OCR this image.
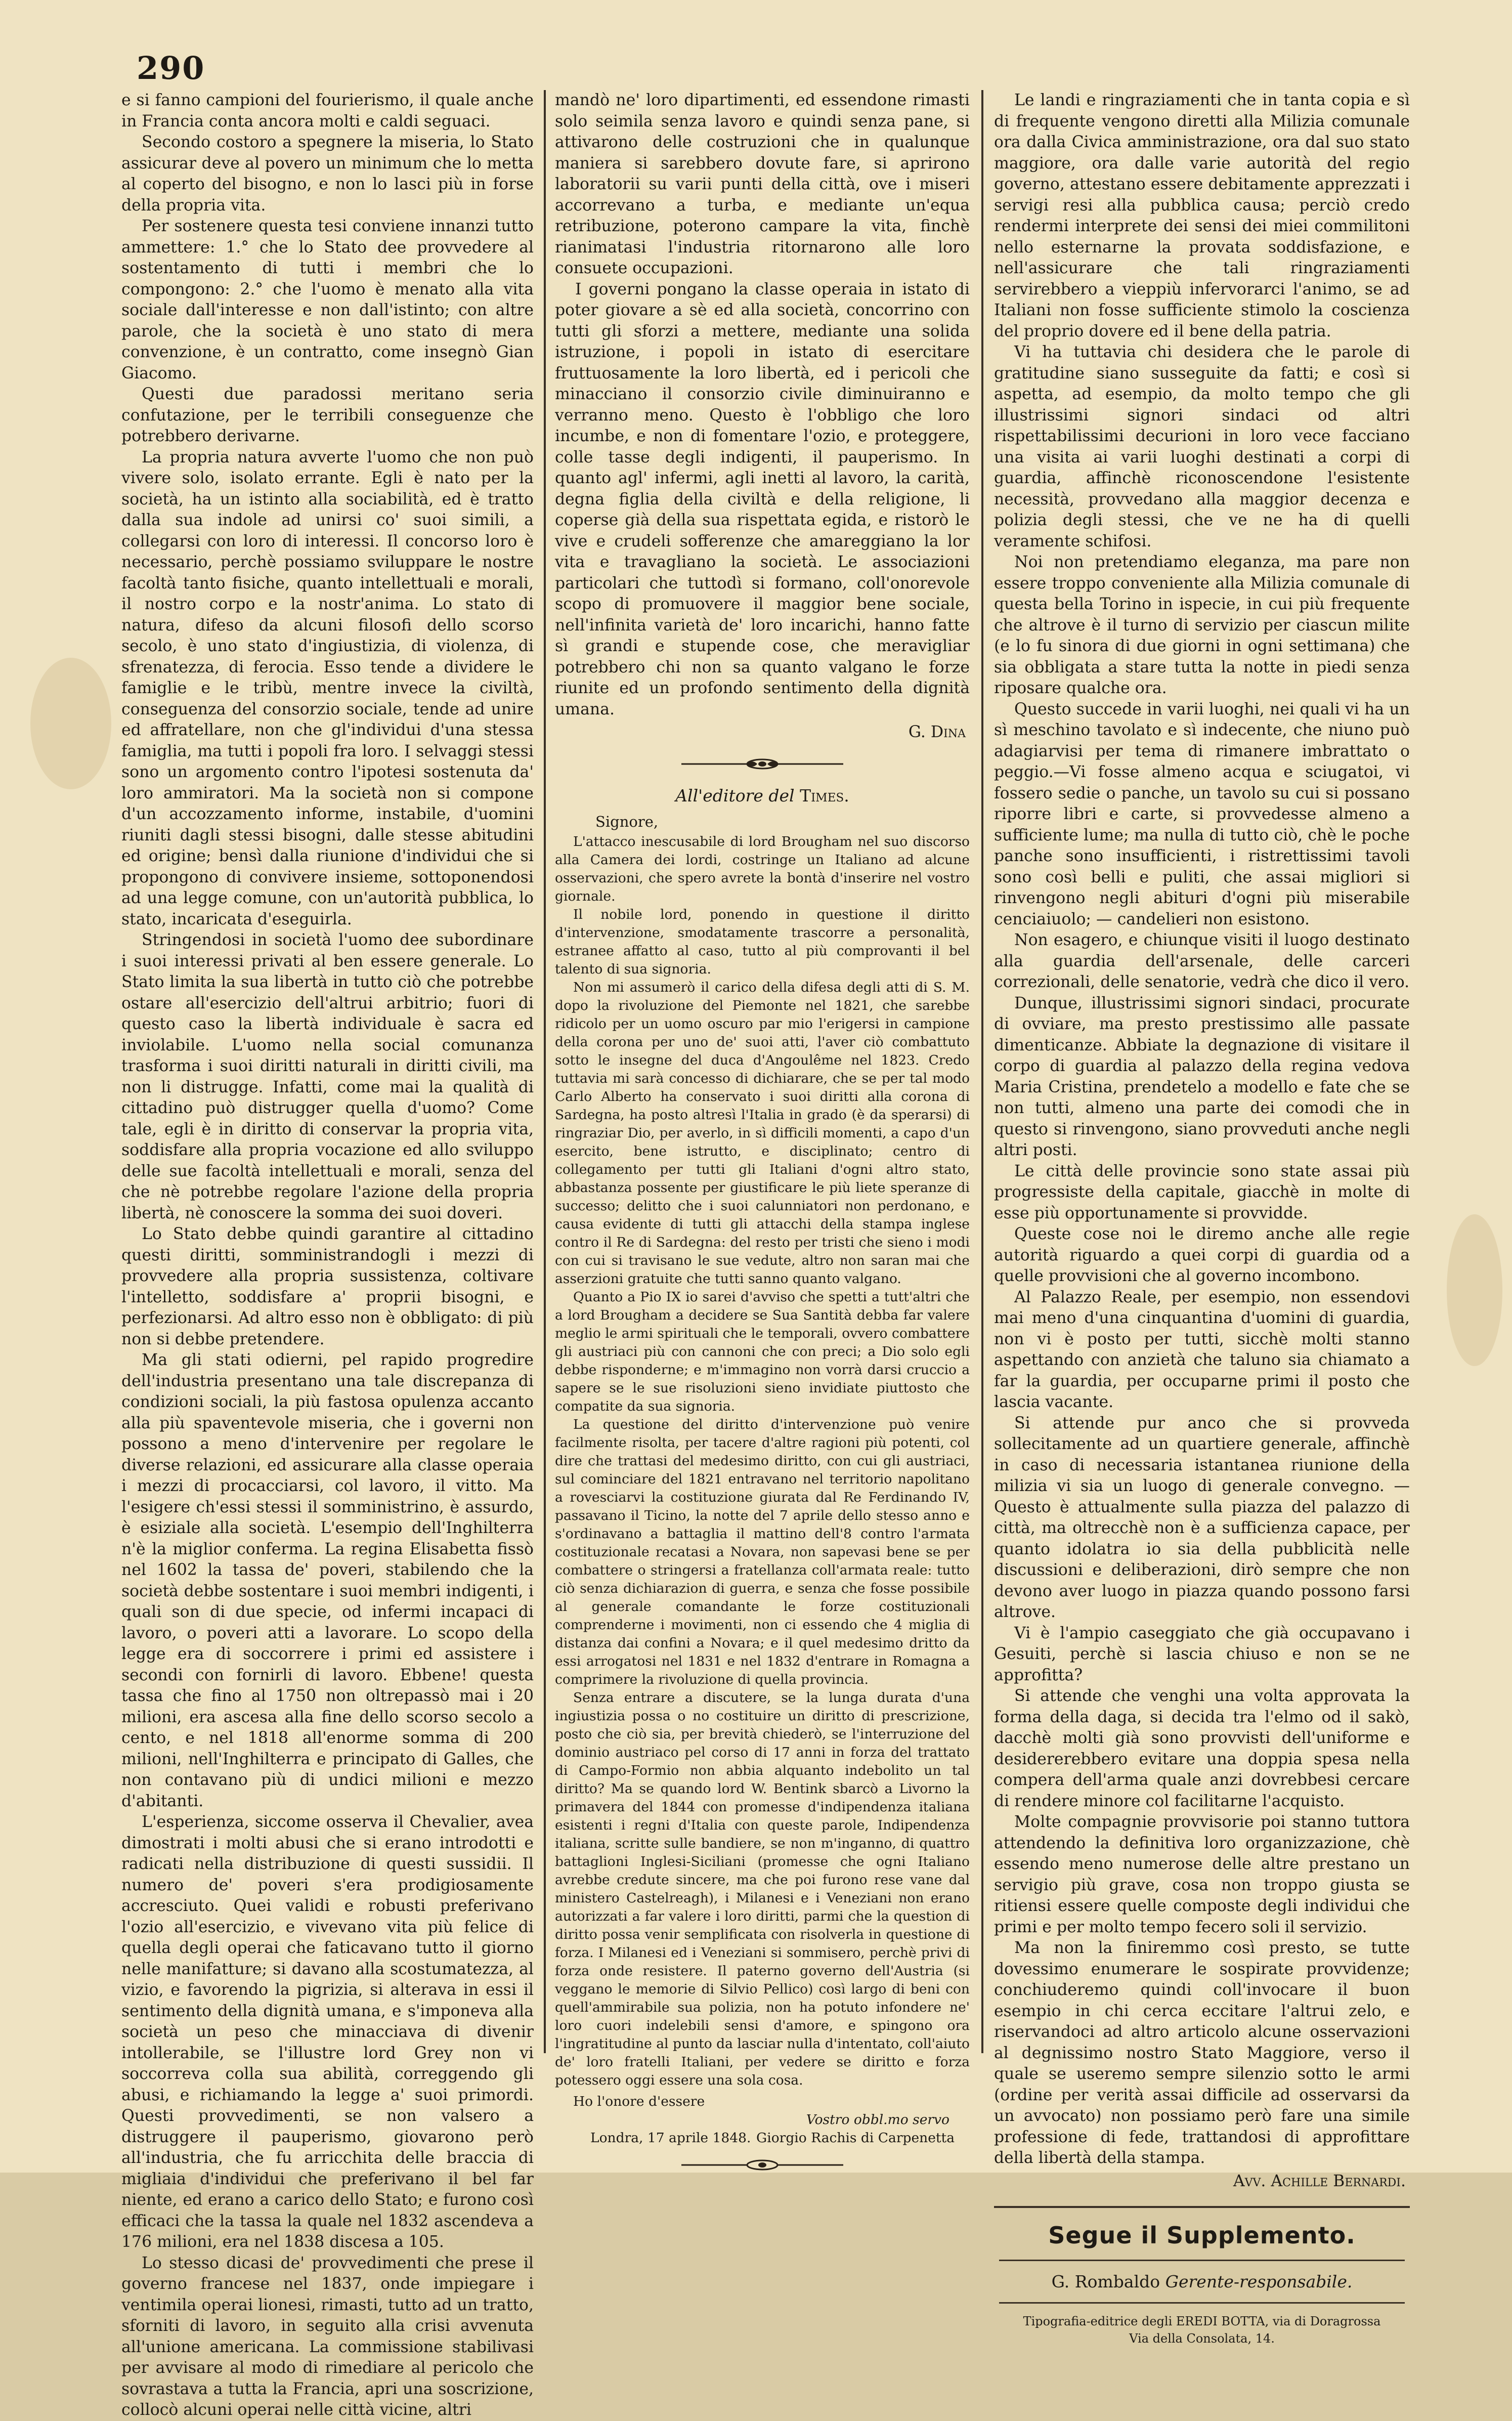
290

e si fanno campioni del fourierismo, il quale anche in Francia conta ancora molti e caldi seguaci.

Secondo costoro a spegnere la miseria, lo Stato assicurar deve al povero un minimum che lo metta al coperto del bisogno, e non lo lasci più in forse della propria vita.

Per sostenere questa tesi conviene innanzi tutto ammettere: 1.° che lo Stato dee provvedere al sostentamento di tutti i membri che lo compongono: 2.° che l'uomo è menato alla vita sociale dall'interesse e non dall'istinto; con altre parole, che la società è uno stato di mera convenzione, è un contratto, come insegnò Gian Giacomo.

Questi due paradossi meritano seria confutazione, per le terribili conseguenze che potrebbero derivarne.

La propria natura avverte l'uomo che non può vivere solo, isolato errante. Egli è nato per la società, ha un istinto alla sociabilità, ed è tratto dalla sua indole ad unirsi co' suoi simili, a collegarsi con loro di interessi. Il concorso loro è necessario, perchè possiamo sviluppare le nostre facoltà tanto fisiche, quanto intellettuali e morali, il nostro corpo e la nostr'anima. Lo stato di natura, difeso da alcuni filosofi dello scorso secolo, è uno stato d'ingiustizia, di violenza, di sfrenatezza, di ferocia. Esso tende a dividere le famiglie e le tribù, mentre invece la civiltà, conseguenza del consorzio sociale, tende ad unire ed affratellare, non che gl'individui d'una stessa famiglia, ma tutti i popoli fra loro. I selvaggi stessi sono un argomento contro l'ipotesi sostenuta da' loro ammiratori. Ma la società non si compone d'un accozzamento informe, instabile, d'uomini riuniti dagli stessi bisogni, dalle stesse abitudini ed origine; bensì dalla riunione d'individui che si propongono di convivere insieme, sottoponendosi ad una legge comune, con un'autorità pubblica, lo stato, incaricata d'eseguirla.

Stringendosi in società l'uomo dee subordinare i suoi interessi privati al ben essere generale. Lo Stato limita la sua libertà in tutto ciò che potrebbe ostare all'esercizio dell'altrui arbitrio; fuori di questo caso la libertà individuale è sacra ed inviolabile. L'uomo nella social comunanza trasforma i suoi diritti naturali in diritti civili, ma non li distrugge. Infatti, come mai la qualità di cittadino può distrugger quella d'uomo? Come tale, egli è in diritto di conservar la propria vita, soddisfare alla propria vocazione ed allo sviluppo delle sue facoltà intellettuali e morali, senza del che nè potrebbe regolare l'azione della propria libertà, nè conoscere la somma dei suoi doveri.

Lo Stato debbe quindi garantire al cittadino questi diritti, somministrandogli i mezzi di provvedere alla propria sussistenza, coltivare l'intelletto, soddisfare a' proprii bisogni, e perfezionarsi. Ad altro esso non è obbligato: di più non si debbe pretendere.

Ma gli stati odierni, pel rapido progredire dell'industria presentano una tale discrepanza di condizioni sociali, la più fastosa opulenza accanto alla più spaventevole miseria, che i governi non possono a meno d'intervenire per regolare le diverse relazioni, ed assicurare alla classe operaia i mezzi di procacciarsi, col lavoro, il vitto. Ma l'esigere ch'essi stessi il somministrino, è assurdo, è esiziale alla società. L'esempio dell'Inghilterra n'è la miglior conferma. La regina Elisabetta fissò nel 1602 la tassa de' poveri, stabilendo che la società debbe sostentare i suoi membri indigenti, i quali son di due specie, od infermi incapaci di lavoro, o poveri atti a lavorare. Lo scopo della legge era di soccorrere i primi ed assistere i secondi con fornirli di lavoro. Ebbene! questa tassa che fino al 1750 non oltrepassò mai i 20 milioni, era ascesa alla fine dello scorso secolo a cento, e nel 1818 all'enorme somma di 200 milioni, nell'Inghilterra e principato di Galles, che non contavano più di undici milioni e mezzo d'abitanti.

L'esperienza, siccome osserva il Chevalier, avea dimostrati i molti abusi che si erano introdotti e radicati nella distribuzione di questi sussidii. Il numero de' poveri s'era prodigiosamente accresciuto. Quei validi e robusti preferivano l'ozio all'esercizio, e vivevano vita più felice di quella degli operai che faticavano tutto il giorno nelle manifatture; si davano alla scostumatezza, al vizio, e favorendo la pigrizia, si alterava in essi il sentimento della dignità umana, e s'imponeva alla società un peso che minacciava di divenir intollerabile, se l'illustre lord Grey non vi soccorreva colla sua abilità, correggendo gli abusi, e richiamando la legge a' suoi primordi. Questi provvedimenti, se non valsero a distruggere il pauperismo, giovarono però all'industria, che fu arricchita delle braccia di migliaia d'individui che preferivano il bel far niente, ed erano a carico dello Stato; e furono così efficaci che la tassa la quale nel 1832 ascendeva a 176 milioni, era nel 1838 discesa a 105.

Lo stesso dicasi de' provvedimenti che prese il governo francese nel 1837, onde impiegare i ventimila operai lionesi, rimasti, tutto ad un tratto, sforniti di lavoro, in seguito alla crisi avvenuta all'unione americana. La commissione stabilivasi per avvisare al modo di rimediare al pericolo che sovrastava a tutta la Francia, apri una soscrizione, collocò alcuni operai nelle città vicine, altri

mandò ne' loro dipartimenti, ed essendone rimasti solo seimila senza lavoro e quindi senza pane, si attivarono delle costruzioni che in qualunque maniera si sarebbero dovute fare, si aprirono laboratorii su varii punti della città, ove i miseri accorrevano a turba, e mediante un'equa retribuzione, poterono campare la vita, finchè rianimatasi l'industria ritornarono alle loro consuete occupazioni.

I governi pongano la classe operaia in istato di poter giovare a sè ed alla società, concorrino con tutti gli sforzi a mettere, mediante una solida istruzione, i popoli in istato di esercitare fruttuosamente la loro libertà, ed i pericoli che minacciano il consorzio civile diminuiranno e verranno meno. Questo è l'obbligo che loro incumbe, e non di fomentare l'ozio, e proteggere, colle tasse degli indigenti, il pauperismo. In quanto agl' infermi, agli inetti al lavoro, la carità, degna figlia della civiltà e della religione, li coperse già della sua rispettata egida, e ristorò le vive e crudeli sofferenze che amareggiano la lor vita e travagliano la società. Le associazioni particolari che tuttodì si formano, coll'onorevole scopo di promuovere il maggior bene sociale, nell'infinita varietà de' loro incarichi, hanno fatte sì grandi e stupende cose, che meravigliar potrebbero chi non sa quanto valgano le forze riunite ed un profondo sentimento della dignità umana.

G. Dina

All'editore del Times.
Signore,

L'attacco inescusabile di lord Brougham nel suo discorso alla Camera dei lordi, costringe un Italiano ad alcune osservazioni, che spero avrete la bontà d'inserire nel vostro giornale.

Il nobile lord, ponendo in questione il diritto d'intervenzione, smodatamente trascorre a personalità, estranee affatto al caso, tutto al più comprovanti il bel talento di sua signoria.

Non mi assumerò il carico della difesa degli atti di S. M. dopo la rivoluzione del Piemonte nel 1821, che sarebbe ridicolo per un uomo oscuro par mio l'erigersi in campione della corona per uno de' suoi atti, l'aver ciò combattuto sotto le insegne del duca d'Angoulême nel 1823. Credo tuttavia mi sarà concesso di dichiarare, che se per tal modo Carlo Alberto ha conservato i suoi diritti alla corona di Sardegna, ha posto altresì l'Italia in grado (è da sperarsi) di ringraziar Dio, per averlo, in sì difficili momenti, a capo d'un esercito, bene istrutto, e disciplinato; centro di collegamento per tutti gli Italiani d'ogni altro stato, abbastanza possente per giustificare le più liete speranze di successo; delitto che i suoi calunniatori non perdonano, e causa evidente di tutti gli attacchi della stampa inglese contro il Re di Sardegna: del resto per tristi che sieno i modi con cui si travisano le sue vedute, altro non saran mai che asserzioni gratuite che tutti sanno quanto valgano.

Quanto a Pio IX io sarei d'avviso che spetti a tutt'altri che a lord Brougham a decidere se Sua Santità debba far valere meglio le armi spirituali che le temporali, ovvero combattere gli austriaci più con cannoni che con preci; a Dio solo egli debbe risponderne; e m'immagino non vorrà darsi cruccio a sapere se le sue risoluzioni sieno invidiate piuttosto che compatite da sua signoria.

La questione del diritto d'intervenzione può venire facilmente risolta, per tacere d'altre ragioni più potenti, col dire che trattasi del medesimo diritto, con cui gli austriaci, sul cominciare del 1821 entravano nel territorio napolitano a rovesciarvi la costituzione giurata dal Re Ferdinando IV, passavano il Ticino, la notte del 7 aprile dello stesso anno e s'ordinavano a battaglia il mattino dell'8 contro l'armata costituzionale recatasi a Novara, non sapevasi bene se per combattere o stringersi a fratellanza coll'armata reale: tutto ciò senza dichiarazion di guerra, e senza che fosse possibile al generale comandante le forze costituzionali comprenderne i movimenti, non ci essendo che 4 miglia di distanza dai confini a Novara; e il quel medesimo dritto da essi arrogatosi nel 1831 e nel 1832 d'entrare in Romagna a comprimere la rivoluzione di quella provincia.

Senza entrare a discutere, se la lunga durata d'una ingiustizia possa o no costituire un diritto di prescrizione, posto che ciò sia, per brevità chiederò, se l'interruzione del dominio austriaco pel corso di 17 anni in forza del trattato di Campo-Formio non abbia alquanto indebolito un tal diritto? Ma se quando lord W. Bentink sbarcò a Livorno la primavera del 1844 con promesse d'indipendenza italiana esistenti i regni d'Italia con queste parole, Indipendenza italiana, scritte sulle bandiere, se non m'inganno, di quattro battaglioni Inglesi-Siciliani (promesse che ogni Italiano avrebbe credute sincere, ma che poi furono rese vane dal ministero Castelreagh), i Milanesi e i Veneziani non erano autorizzati a far valere i loro diritti, parmi che la question di diritto possa venir semplificata con risolverla in questione di forza. I Milanesi ed i Veneziani si sommisero, perchè privi di forza onde resistere. Il paterno governo dell'Austria (si veggano le memorie di Silvio Pellico) così largo di beni con quell'ammirabile sua polizia, non ha potuto infondere ne' loro cuori indelebili sensi d'amore, e spingono ora l'ingratitudine al punto da lasciar nulla d'intentato, coll'aiuto de' loro fratelli Italiani, per vedere se diritto e forza potessero oggi essere una sola cosa.

Ho l'onore d'essere

Vostro obbl.mo servo
Londra, 17 aprile 1848. Giorgio Rachis di Carpenetta

Le landi e ringraziamenti che in tanta copia e sì di frequente vengono diretti alla Milizia comunale ora dalla Civica amministrazione, ora dal suo stato maggiore, ora dalle varie autorità del regio governo, attestano essere debitamente apprezzati i servigi resi alla pubblica causa; perciò credo rendermi interprete dei sensi dei miei commilitoni nello esternarne la provata soddisfazione, e nell'assicurare che tali ringraziamenti servirebbero a vieppiù infervorarci l'animo, se ad Italiani non fosse sufficiente stimolo la coscienza del proprio dovere ed il bene della patria.

Vi ha tuttavia chi desidera che le parole di gratitudine siano susseguite da fatti; e così si aspetta, ad esempio, da molto tempo che gli illustrissimi signori sindaci od altri rispettabilissimi decurioni in loro vece facciano una visita ai varii luoghi destinati a corpi di guardia, affinchè riconoscendone l'esistente necessità, provvedano alla maggior decenza e polizia degli stessi, che ve ne ha di quelli veramente schifosi.

Noi non pretendiamo eleganza, ma pare non essere troppo conveniente alla Milizia comunale di questa bella Torino in ispecie, in cui più frequente che altrove è il turno di servizio per ciascun milite (e lo fu sinora di due giorni in ogni settimana) che sia obbligata a stare tutta la notte in piedi senza riposare qualche ora.

Questo succede in varii luoghi, nei quali vi ha un sì meschino tavolato e sì indecente, che niuno può adagiarvisi per tema di rimanere imbrattato o peggio.—Vi fosse almeno acqua e sciugatoi, vi fossero sedie o panche, un tavolo su cui si possano riporre libri e carte, si provvedesse almeno a sufficiente lume; ma nulla di tutto ciò, chè le poche panche sono insufficienti, i ristrettissimi tavoli sono così belli e puliti, che assai migliori si rinvengono negli abituri d'ogni più miserabile cenciaiuolo; — candelieri non esistono.

Non esagero, e chiunque visiti il luogo destinato alla guardia dell'arsenale, delle carceri correzionali, delle senatorie, vedrà che dico il vero.

Dunque, illustrissimi signori sindaci, procurate di ovviare, ma presto prestissimo alle passate dimenticanze. Abbiate la degnazione di visitare il corpo di guardia al palazzo della regina vedova Maria Cristina, prendetelo a modello e fate che se non tutti, almeno una parte dei comodi che in questo si rinvengono, siano provveduti anche negli altri posti.

Le città delle provincie sono state assai più progressiste della capitale, giacchè in molte di esse più opportunamente si provvidde.

Queste cose noi le diremo anche alle regie autorità riguardo a quei corpi di guardia od a quelle provvisioni che al governo incombono.

Al Palazzo Reale, per esempio, non essendovi mai meno d'una cinquantina d'uomini di guardia, non vi è posto per tutti, sicchè molti stanno aspettando con anzietà che taluno sia chiamato a far la guardia, per occuparne primi il posto che lascia vacante.

Si attende pur anco che si provveda sollecitamente ad un quartiere generale, affinchè in caso di necessaria istantanea riunione della milizia vi sia un luogo di generale convegno. — Questo è attualmente sulla piazza del palazzo di città, ma oltrecchè non è a sufficienza capace, per quanto idolatra io sia della pubblicità nelle discussioni e deliberazioni, dirò sempre che non devono aver luogo in piazza quando possono farsi altrove.

Vi è l'ampio caseggiato che già occupavano i Gesuiti, perchè si lascia chiuso e non se ne approfitta?

Si attende che venghi una volta approvata la forma della daga, si decida tra l'elmo od il sakò, dacchè molti già sono provvisti dell'uniforme e desidererebbero evitare una doppia spesa nella compera dell'arma quale anzi dovrebbesi cercare di rendere minore col facilitarne l'acquisto.

Molte compagnie provvisorie poi stanno tuttora attendendo la definitiva loro organizzazione, chè essendo meno numerose delle altre prestano un servigio più grave, cosa non troppo giusta se ritiensi essere quelle composte degli individui che primi e per molto tempo fecero soli il servizio.

Ma non la finiremmo così presto, se tutte dovessimo enumerare le sospirate provvidenze; conchiuderemo quindi coll'invocare il buon esempio in chi cerca eccitare l'altrui zelo, e riservandoci ad altro articolo alcune osservazioni al degnissimo nostro Stato Maggiore, verso il quale se useremo sempre silenzio sotto le armi (ordine per verità assai difficile ad osservarsi da un avvocato) non possiamo però fare una simile professione di fede, trattandosi di approfittare della libertà della stampa.

Avv. Achille Bernardi.

Segue il Supplemento.
G. Rombaldo Gerente-responsabile.
Tipografia-editrice degli EREDI BOTTA, via di Doragrossa
Via della Consolata, 14.
